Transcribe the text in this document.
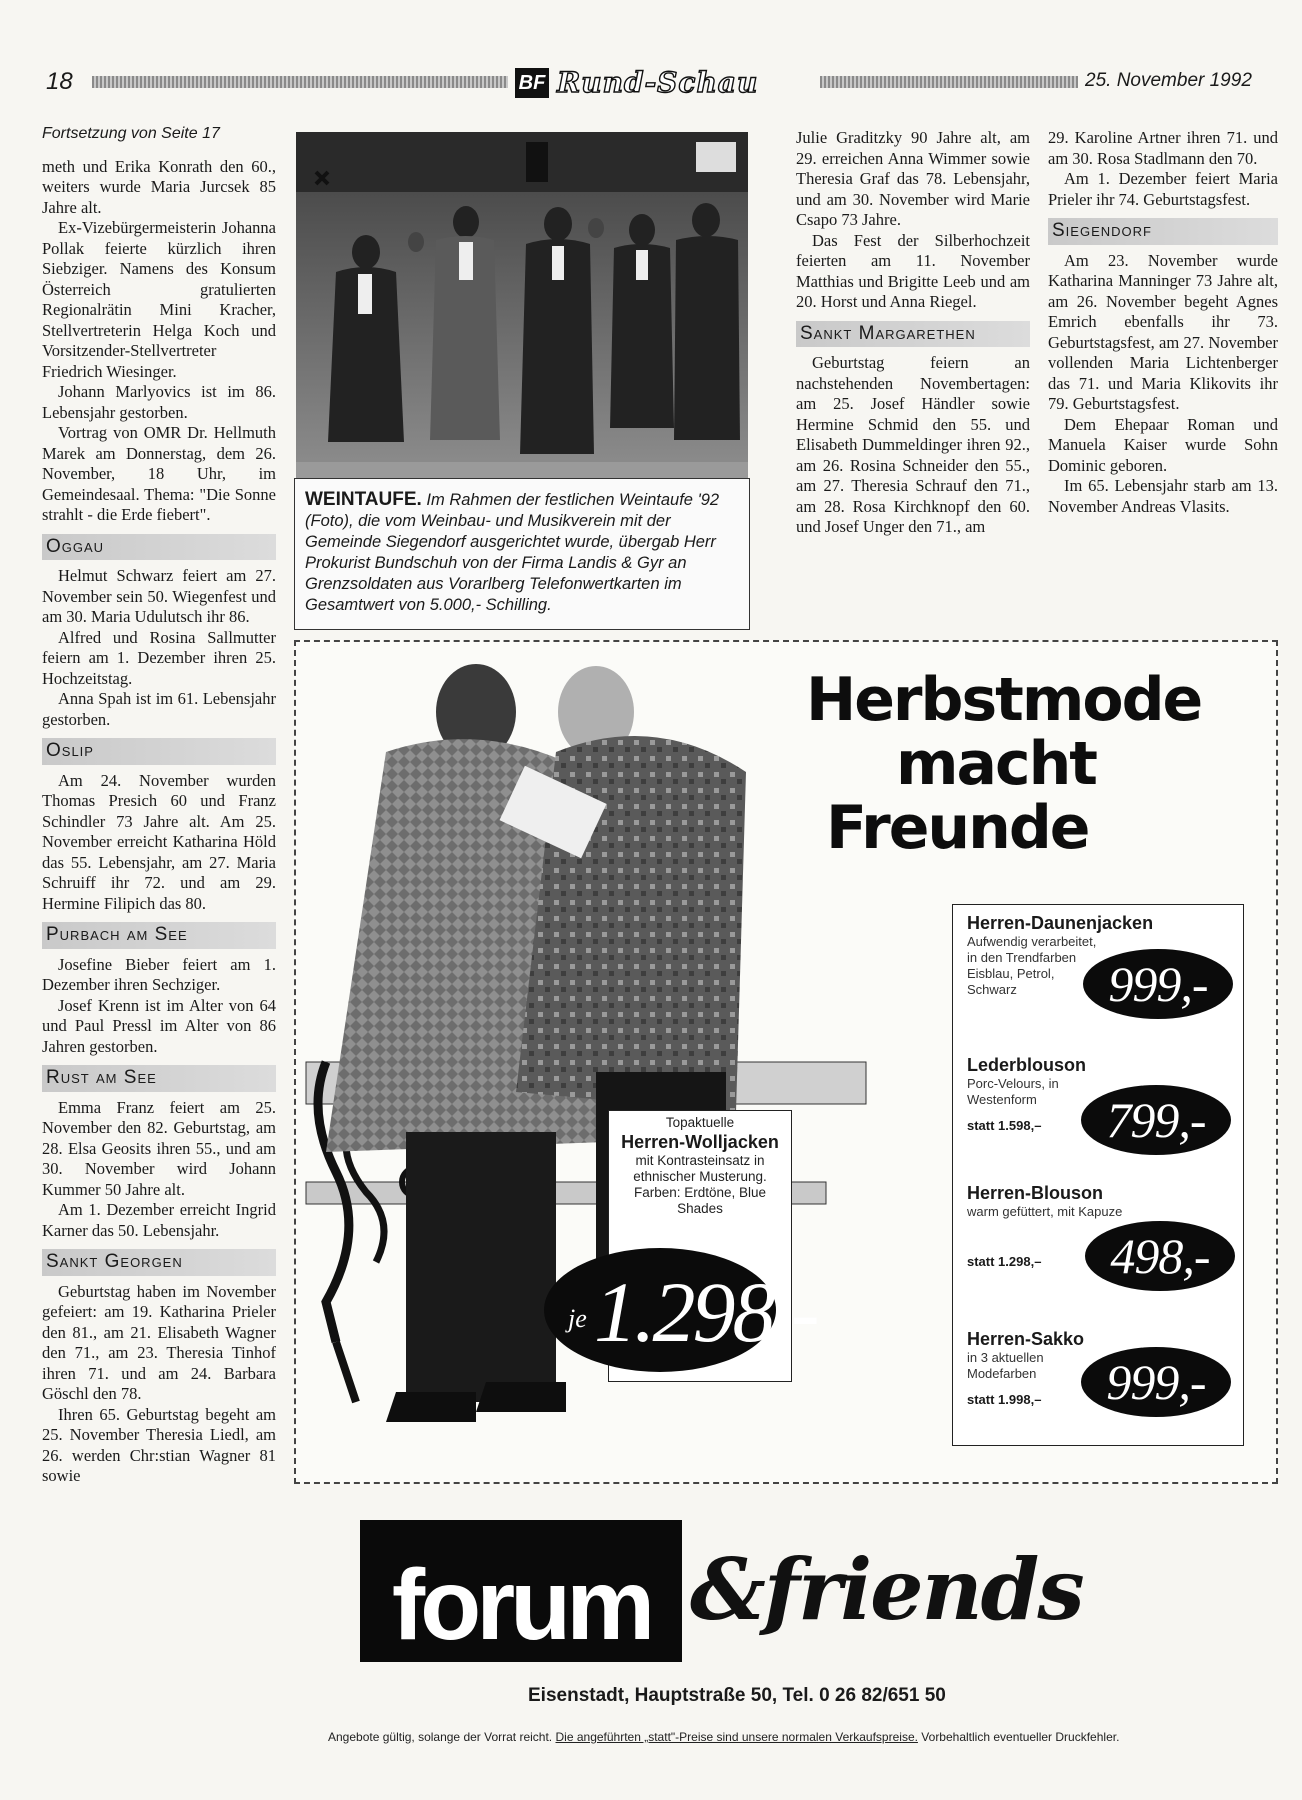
18	BF Rund-Schau	25. November 1992
Fortsetzung von Seite 17

meth und Erika Konrath den 60., weiters wurde Maria Jurcsek 85 Jahre alt.

Ex-Vizebürgermeisterin Johanna Pollak feierte kürzlich ihren Siebziger. Namens des Konsum Österreich gratulierten Regionalrätin Mini Kracher, Stellvertreterin Helga Koch und Vorsitzender-Stellvertreter Friedrich Wiesinger.

Johann Marlyovics ist im 86. Lebensjahr gestorben.

Vortrag von OMR Dr. Hellmuth Marek am Donnerstag, dem 26. November, 18 Uhr, im Gemeindesaal. Thema: "Die Sonne strahlt - die Erde fiebert".

Oggau

Helmut Schwarz feiert am 27. November sein 50. Wiegenfest und am 30. Maria Udulutsch ihr 86.

Alfred und Rosina Sallmutter feiern am 1. Dezember ihren 25. Hochzeitstag.

Anna Spah ist im 61. Lebensjahr gestorben.

Oslip

Am 24. November wurden Thomas Presich 60 und Franz Schindler 73 Jahre alt. Am 25. November erreicht Katharina Höld das 55. Lebensjahr, am 27. Maria Schruiff ihr 72. und am 29. Hermine Filipich das 80.

Purbach am See

Josefine Bieber feiert am 1. Dezember ihren Sechziger.

Josef Krenn ist im Alter von 64 und Paul Pressl im Alter von 86 Jahren gestorben.

Rust am See

Emma Franz feiert am 25. November den 82. Geburtstag, am 28. Elsa Geosits ihren 55., und am 30. November wird Johann Kummer 50 Jahre alt.

Am 1. Dezember erreicht Ingrid Karner das 50. Lebensjahr.

Sankt Georgen

Geburtstag haben im November gefeiert: am 19. Katharina Prieler den 81., am 21. Elisabeth Wagner den 71., am 23. Theresia Tinhof ihren 71. und am 24. Barbara Göschl den 78.

Ihren 65. Geburtstag begeht am 25. November Theresia Liedl, am 26. werden Chr:stian Wagner 81 sowie

WEINTAUFE. Im Rahmen der festlichen Weintaufe '92 (Foto), die vom Weinbau- und Musikverein mit der Gemeinde Siegendorf ausgerichtet wurde, übergab Herr Prokurist Bundschuh von der Firma Landis & Gyr an Grenzsoldaten aus Vorarlberg Telefonwertkarten im Gesamtwert von 5.000,- Schilling.

Julie Graditzky 90 Jahre alt, am 29. erreichen Anna Wimmer sowie Theresia Graf das 78. Lebensjahr, und am 30. November wird Marie Csapo 73 Jahre.

Das Fest der Silberhochzeit feierten am 11. November Matthias und Brigitte Leeb und am 20. Horst und Anna Riegel.

Sankt Margarethen

Geburtstag feiern an nachstehenden Novembertagen: am 25. Josef Händler sowie Hermine Schmid den 55. und Elisabeth Dummeldinger ihren 92., am 26. Rosina Schneider den 55., am 27. Theresia Schrauf den 71., am 28. Rosa Kirchknopf den 60. und Josef Unger den 71., am

29. Karoline Artner ihren 71. und am 30. Rosa Stadlmann den 70.

Am 1. Dezember feiert Maria Prieler ihr 74. Geburtstagsfest.

Siegendorf

Am 23. November wurde Katharina Manninger 73 Jahre alt, am 26. November begeht Agnes Emrich ebenfalls ihr 73. Geburtstagsfest, am 27. November vollenden Maria Lichtenberger das 71. und Maria Klikovits ihr 79. Geburtstagsfest.

Dem Ehepaar Roman und Manuela Kaiser wurde Sohn Dominic geboren.

Im 65. Lebensjahr starb am 13. November Andreas Vlasits.

Herbstmode
macht
Freunde
Herren-Daunenjacken
Aufwendig verarbeitet, in den Trendfarben Eisblau, Petrol, Schwarz	999,-
Lederblouson
Porc-Velours, in Westenform
statt 1.598,–	799,-
Herren-Blouson
warm gefüttert, mit Kapuze
statt 1.298,–	498,-
Herren-Sakko
in 3 aktuellen Modefarben
statt 1.998,–	999,-
Topaktuelle
Herren-Wolljacken
mit Kontrasteinsatz in ethnischer Musterung. Farben: Erdtöne, Blue Shades
je 1.298,-
forum &friends
Eisenstadt, Hauptstraße 50, Tel. 0 26 82/651 50
Angebote gültig, solange der Vorrat reicht. Die angeführten „statt"-Preise sind unsere normalen Verkaufspreise. Vorbehaltlich eventueller Druckfehler.
